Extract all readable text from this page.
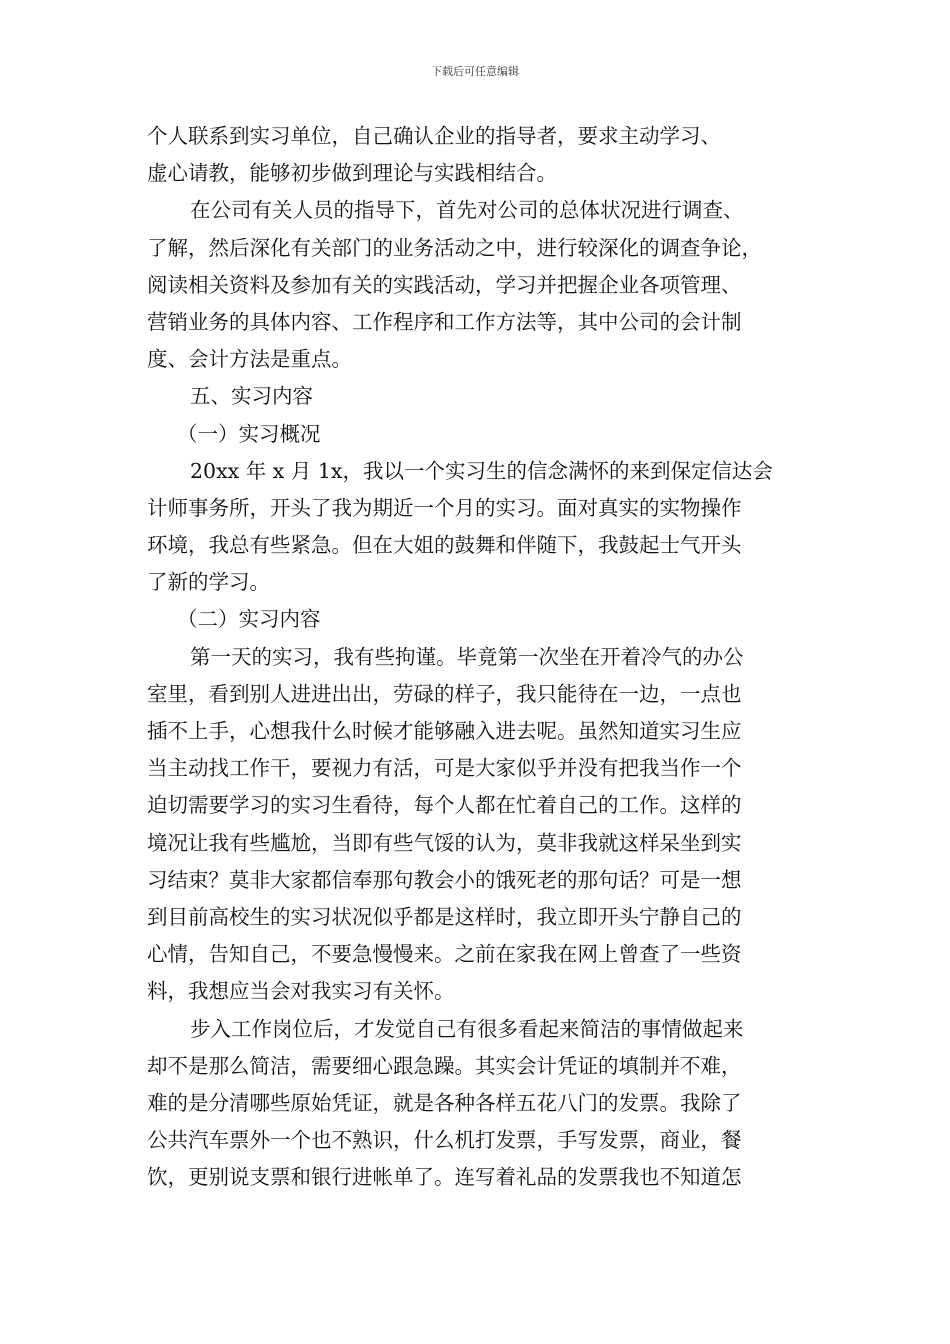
下载后可任意编辑
个人联系到实习单位，自己确认企业的指导者，要求主动学习、
虚心请教，能够初步做到理论与实践相结合。
在公司有关人员的指导下，首先对公司的总体状况进行调查、
了解，然后深化有关部门的业务活动之中，进行较深化的调查争论，
阅读相关资料及参加有关的实践活动，学习并把握企业各项管理、
营销业务的具体内容、工作程序和工作方法等，其中公司的会计制
度、会计方法是重点。
五、实习内容
（一）实习概况
20xx 年 x 月 1x，我以一个实习生的信念满怀的来到保定信达会
计师事务所，开头了我为期近一个月的实习。面对真实的实物操作
环境，我总有些紧急。但在大姐的鼓舞和伴随下，我鼓起士气开头
了新的学习。
（二）实习内容
第一天的实习，我有些拘谨。毕竟第一次坐在开着冷气的办公
室里，看到别人进进出出，劳碌的样子，我只能待在一边，一点也
插不上手，心想我什么时候才能够融入进去呢。虽然知道实习生应
当主动找工作干，要视力有活，可是大家似乎并没有把我当作一个
迫切需要学习的实习生看待，每个人都在忙着自己的工作。这样的
境况让我有些尴尬，当即有些气馁的认为，莫非我就这样呆坐到实
习结束？莫非大家都信奉那句教会小的饿死老的那句话？可是一想
到目前高校生的实习状况似乎都是这样时，我立即开头宁静自己的
心情，告知自己，不要急慢慢来。之前在家我在网上曾查了一些资
料，我想应当会对我实习有关怀。
步入工作岗位后，才发觉自己有很多看起来简洁的事情做起来
却不是那么简洁，需要细心跟急躁。其实会计凭证的填制并不难，
难的是分清哪些原始凭证，就是各种各样五花八门的发票。我除了
公共汽车票外一个也不熟识，什么机打发票，手写发票，商业，餐
饮，更别说支票和银行进帐单了。连写着礼品的发票我也不知道怎
